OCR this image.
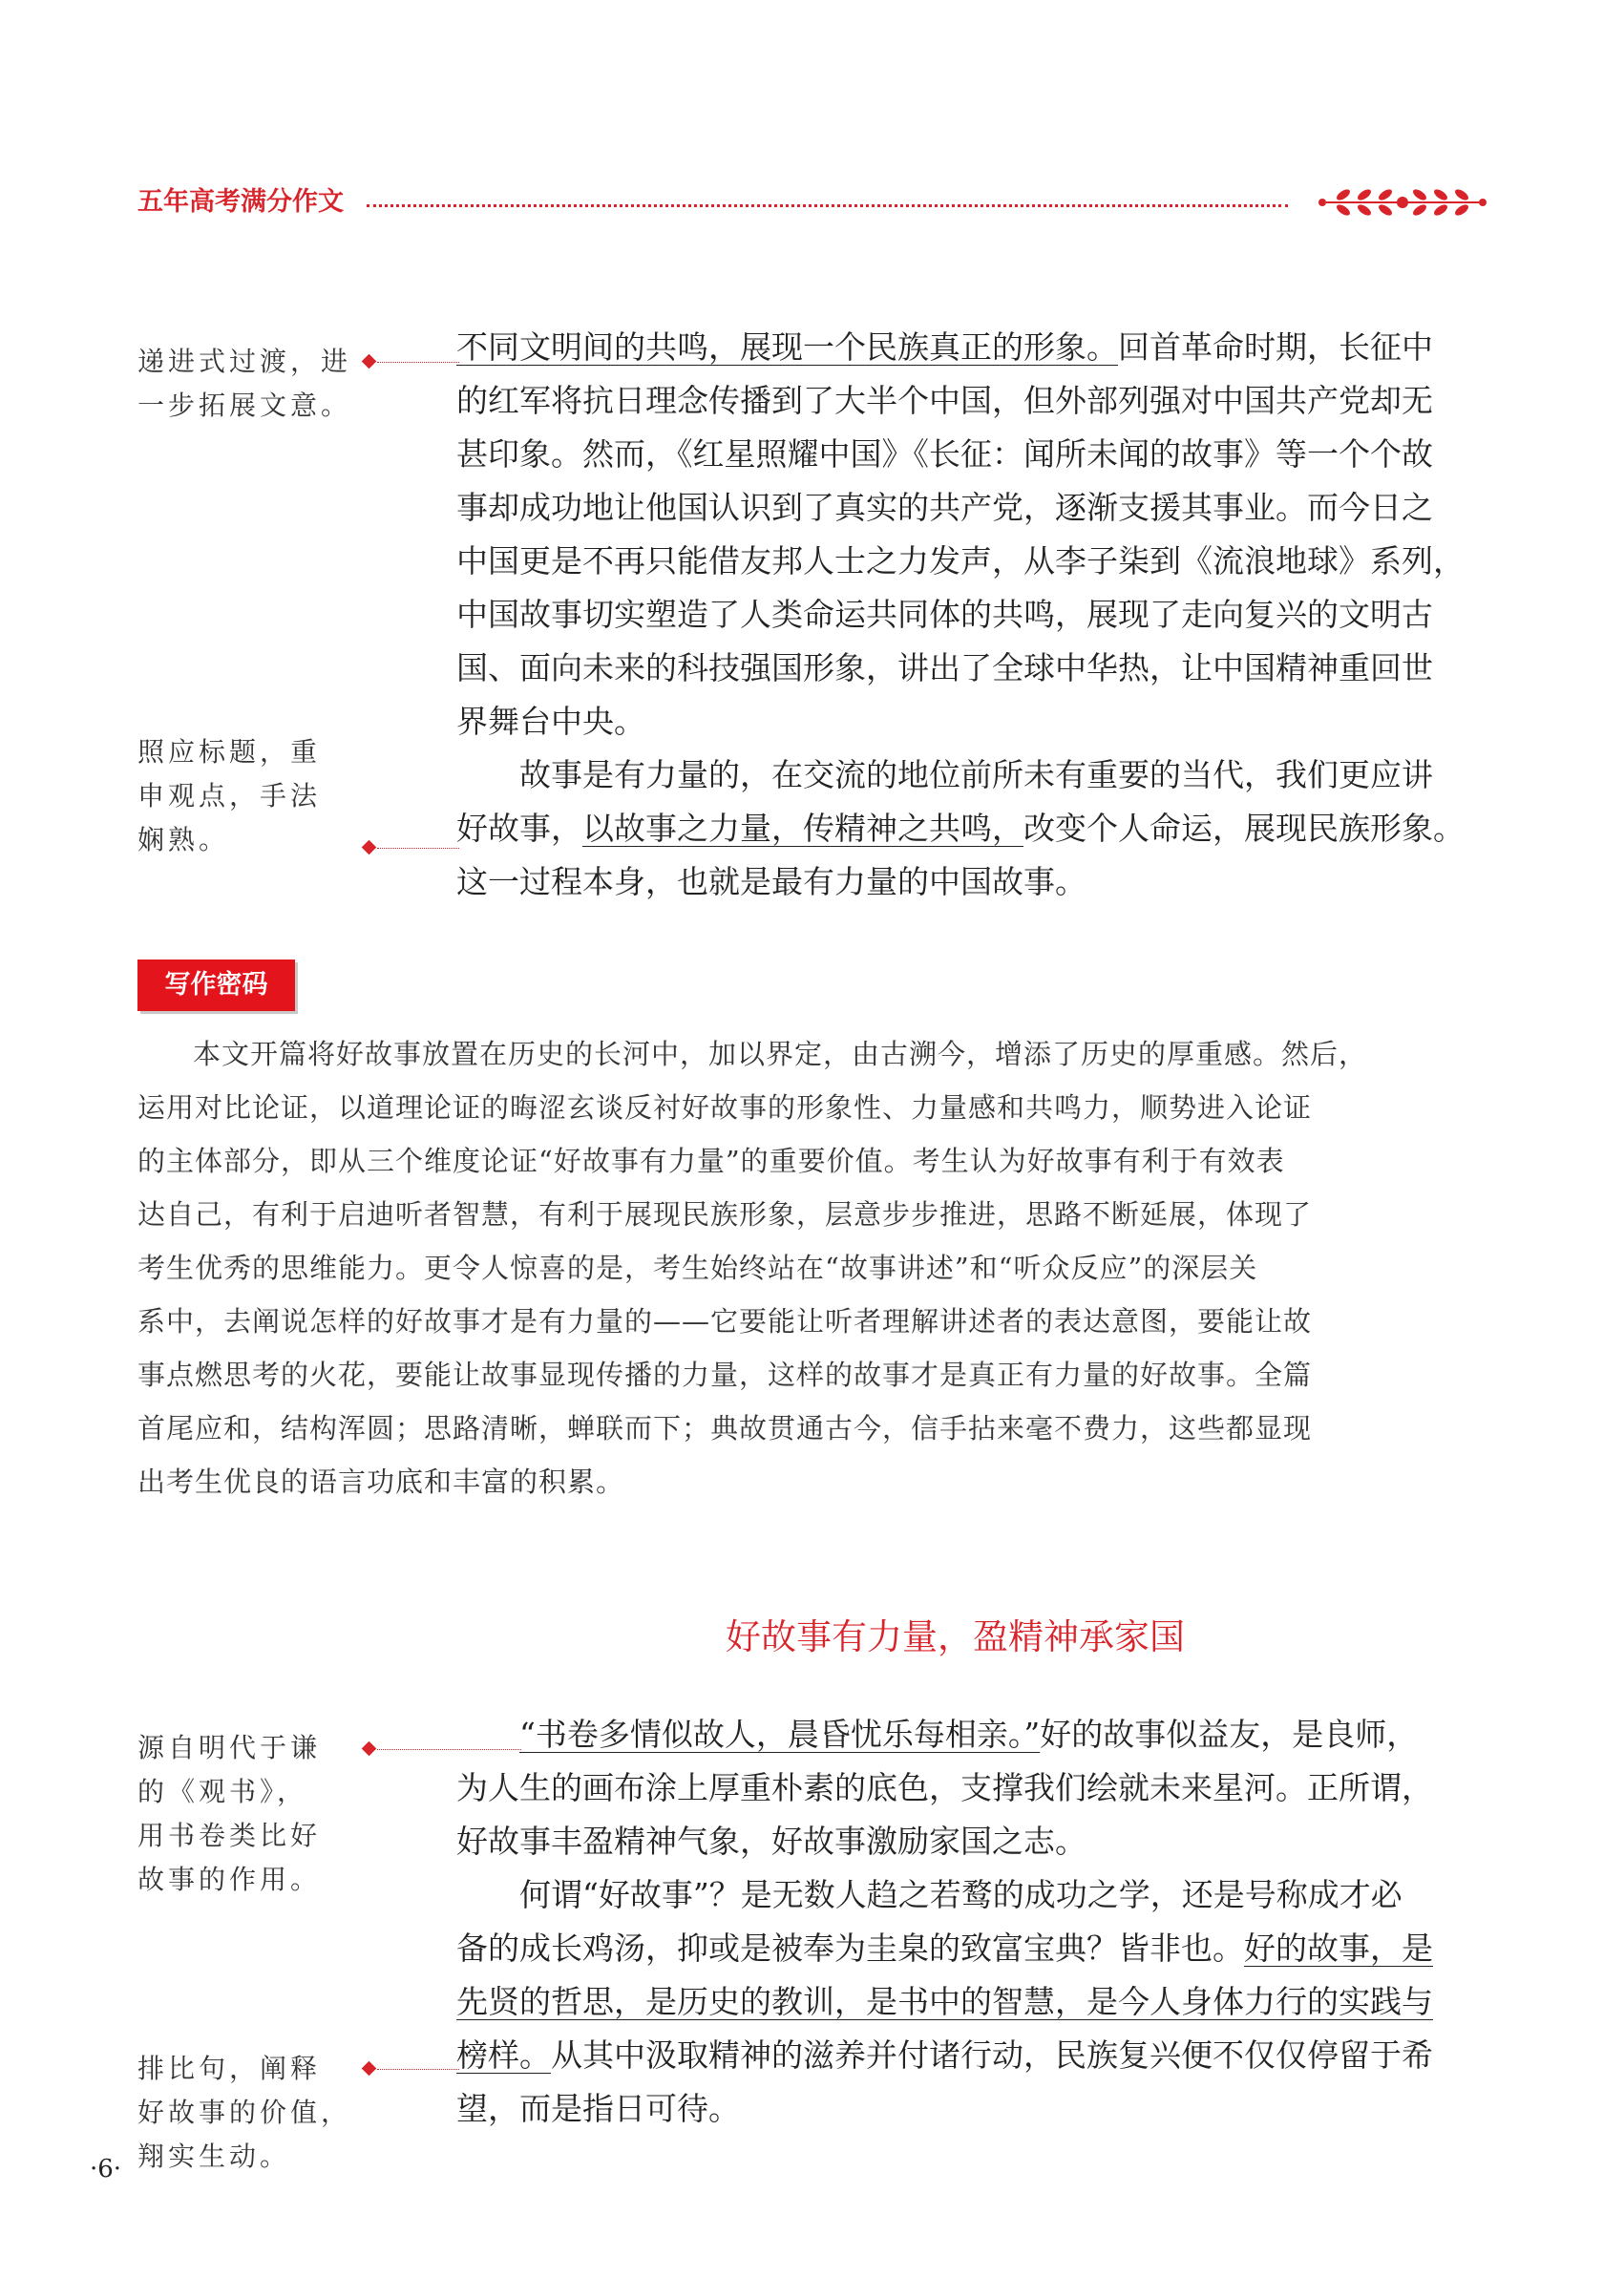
五年高考满分作文
递进式过渡，进
一步拓展文意。
不同文明间的共鸣，展现一个民族真正的形象。回首革命时期，长征中
的红军将抗日理念传播到了大半个中国，但外部列强对中国共产党却无
甚印象。然而，《红星照耀中国》《长征：闻所未闻的故事》等一个个故
事却成功地让他国认识到了真实的共产党，逐渐支援其事业。而今日之
中国更是不再只能借友邦人士之力发声，从李子柒到《流浪地球》系列，
中国故事切实塑造了人类命运共同体的共鸣，展现了走向复兴的文明古
国、面向未来的科技强国形象，讲出了全球中华热，让中国精神重回世
界舞台中央。
故事是有力量的，在交流的地位前所未有重要的当代，我们更应讲
好故事，以故事之力量，传精神之共鸣，改变个人命运，展现民族形象。
这一过程本身，也就是最有力量的中国故事。
照应标题，重
申观点，手法
娴熟。
写作密码
本文开篇将好故事放置在历史的长河中，加以界定，由古溯今，增添了历史的厚重感。然后，
运用对比论证，以道理论证的晦涩玄谈反衬好故事的形象性、力量感和共鸣力，顺势进入论证
的主体部分，即从三个维度论证“好故事有力量”的重要价值。考生认为好故事有利于有效表
达自己，有利于启迪听者智慧，有利于展现民族形象，层意步步推进，思路不断延展，体现了
考生优秀的思维能力。更令人惊喜的是，考生始终站在“故事讲述”和“听众反应”的深层关
系中，去阐说怎样的好故事才是有力量的——它要能让听者理解讲述者的表达意图，要能让故
事点燃思考的火花，要能让故事显现传播的力量，这样的故事才是真正有力量的好故事。全篇
首尾应和，结构浑圆；思路清晰，蝉联而下；典故贯通古今，信手拈来毫不费力，这些都显现
出考生优良的语言功底和丰富的积累。
好故事有力量，盈精神承家国
源自明代于谦
的《观书》，
用书卷类比好
故事的作用。
“书卷多情似故人，晨昏忧乐每相亲。”好的故事似益友，是良师，
为人生的画布涂上厚重朴素的底色，支撑我们绘就未来星河。正所谓，
好故事丰盈精神气象，好故事激励家国之志。
何谓“好故事”？是无数人趋之若鹜的成功之学，还是号称成才必
备的成长鸡汤，抑或是被奉为圭臬的致富宝典？皆非也。好的故事，是
先贤的哲思，是历史的教训，是书中的智慧，是今人身体力行的实践与
榜样。从其中汲取精神的滋养并付诸行动，民族复兴便不仅仅停留于希
望，而是指日可待。
排比句，阐释
好故事的价值，
翔实生动。
·6·
